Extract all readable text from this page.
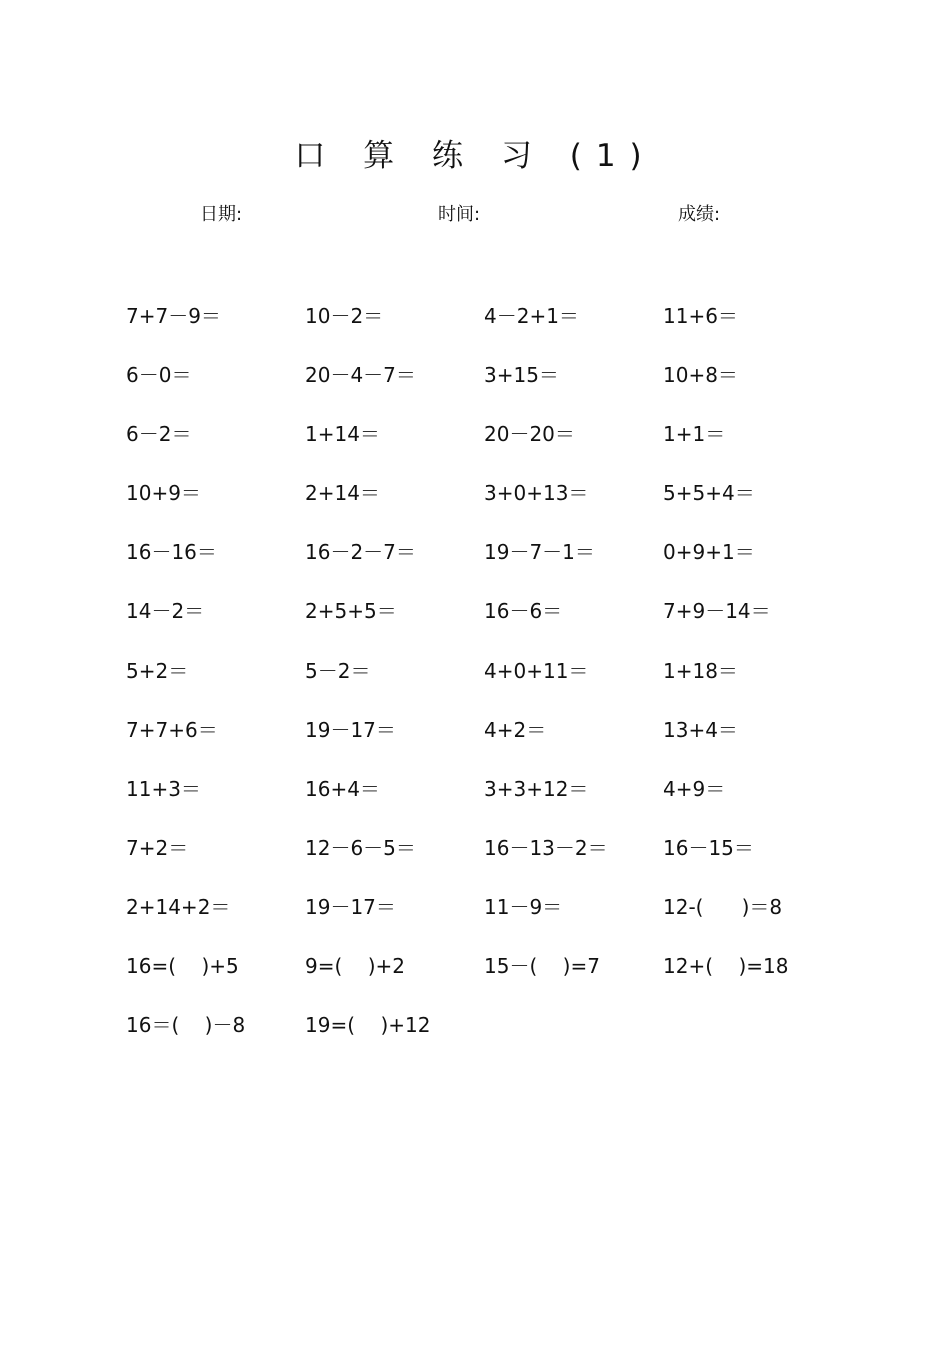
口 算 练 习 (1)
日期:	时间:	成绩:
7+7－9＝	10－2＝	4－2+1＝	11+6＝
6－0＝	20－4－7＝	3+15＝	10+8＝
6－2＝	1+14＝	20－20＝	1+1＝
10+9＝	2+14＝	3+0+13＝	5+5+4＝
16－16＝	16－2－7＝	19－7－1＝	0+9+1＝
14－2＝	2+5+5＝	16－6＝	7+9－14＝
5+2＝	5－2＝	4+0+11＝	1+18＝
7+7+6＝	19－17＝	4+2＝	13+4＝
11+3＝	16+4＝	3+3+12＝	4+9＝
7+2＝	12－6－5＝	16－13－2＝	16－15＝
2+14+2＝	19－17＝	11－9＝	12-(      )＝8
16=(    )+5	9=(    )+2	15－(    )=7	12+(    )=18
16＝(    )－8	19=(    )+12
